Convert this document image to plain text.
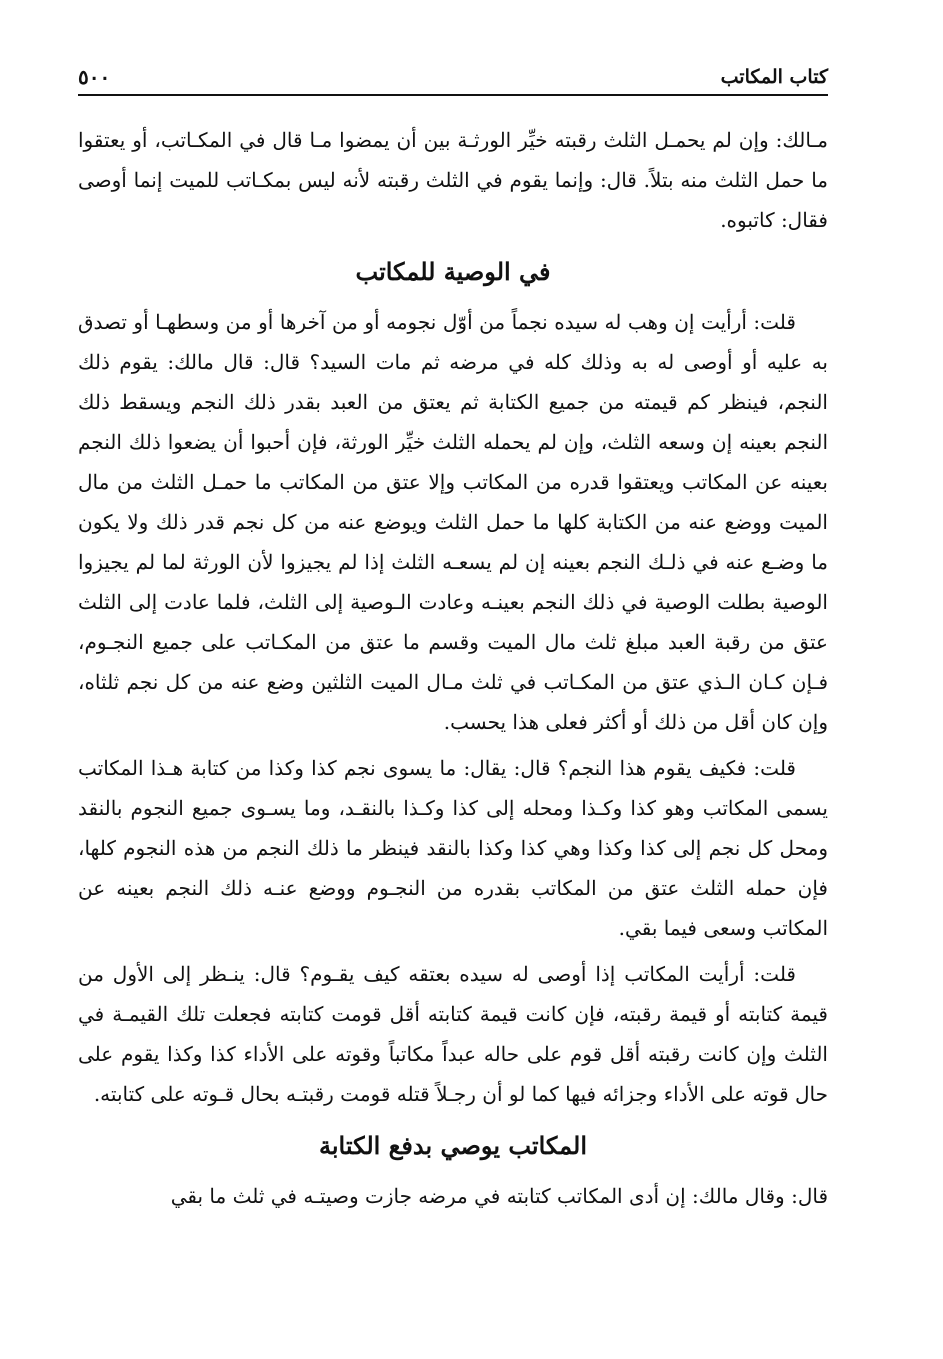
كتاب المكاتب
٥٠٠

مـالك: وإن لم يحمـل الثلث رقبته خيِّر الورثـة بين أن يمضوا مـا قال في المكـاتب، أو يعتقوا ما حمل الثلث منه بتلاً. قال: وإنما يقوم في الثلث رقبته لأنه ليس بمكـاتب للميت إنما أوصى فقال: كاتبوه.

في الوصية للمكاتب

قلت: أرأيت إن وهب له سيده نجماً من أوّل نجومه أو من آخرها أو من وسطهـا أو تصدق به عليه أو أوصى له به وذلك كله في مرضه ثم مات السيد؟ قال: قال مالك: يقوم ذلك النجم، فينظر كم قيمته من جميع الكتابة ثم يعتق من العبد بقدر ذلك النجم ويسقط ذلك النجم بعينه إن وسعه الثلث، وإن لم يحمله الثلث خيِّر الورثة، فإن أحبوا أن يضعوا ذلك النجم بعينه عن المكاتب ويعتقوا قدره من المكاتب وإلا عتق من المكاتب ما حمـل الثلث من مال الميت ووضع عنه من الكتابة كلها ما حمل الثلث ويوضع عنه من كل نجم قدر ذلك ولا يكون ما وضـع عنه في ذلـك النجم بعينه إن لم يسعـه الثلث إذا لم يجيزوا لأن الورثة لما لم يجيزوا الوصية بطلت الوصية في ذلك النجم بعينـه وعادت الـوصية إلى الثلث، فلما عادت إلى الثلث عتق من رقبة العبد مبلغ ثلث مال الميت وقسم ما عتق من المكـاتب على جميع النجـوم، فـإن كـان الـذي عتق من المكـاتب في ثلث مـال الميت الثلثين وضع عنه من كل نجم ثلثاه، وإن كان أقل من ذلك أو أكثر فعلى هذا يحسب.

قلت: فكيف يقوم هذا النجم؟ قال: يقال: ما يسوى نجم كذا وكذا من كتابة هـذا المكاتب يسمى المكاتب وهو كذا وكـذا ومحله إلى كذا وكـذا بالنقـد، وما يسـوى جميع النجوم بالنقد ومحل كل نجم إلى كذا وكذا وهي كذا وكذا بالنقد فينظر ما ذلك النجم من هذه النجوم كلها، فإن حمله الثلث عتق من المكاتب بقدره من النجـوم ووضع عنـه ذلك النجم بعينه عن المكاتب وسعى فيما بقي.

قلت: أرأيت المكاتب إذا أوصى له سيده بعتقه كيف يقـوم؟ قال: ينـظر إلى الأول من قيمة كتابته أو قيمة رقبته، فإن كانت قيمة كتابته أقل قومت كتابته فجعلت تلك القيمـة في الثلث وإن كانت رقبته أقل قوم على حاله عبداً مكاتباً وقوته على الأداء كذا وكذا يقوم على حال قوته على الأداء وجزائه فيها كما لو أن رجـلاً قتله قومت رقبتـه بحال قـوته على كتابته.

المكاتب يوصي بدفع الكتابة

قال: وقال مالك: إن أدى المكاتب كتابته في مرضه جازت وصيتـه في ثلث ما بقي
